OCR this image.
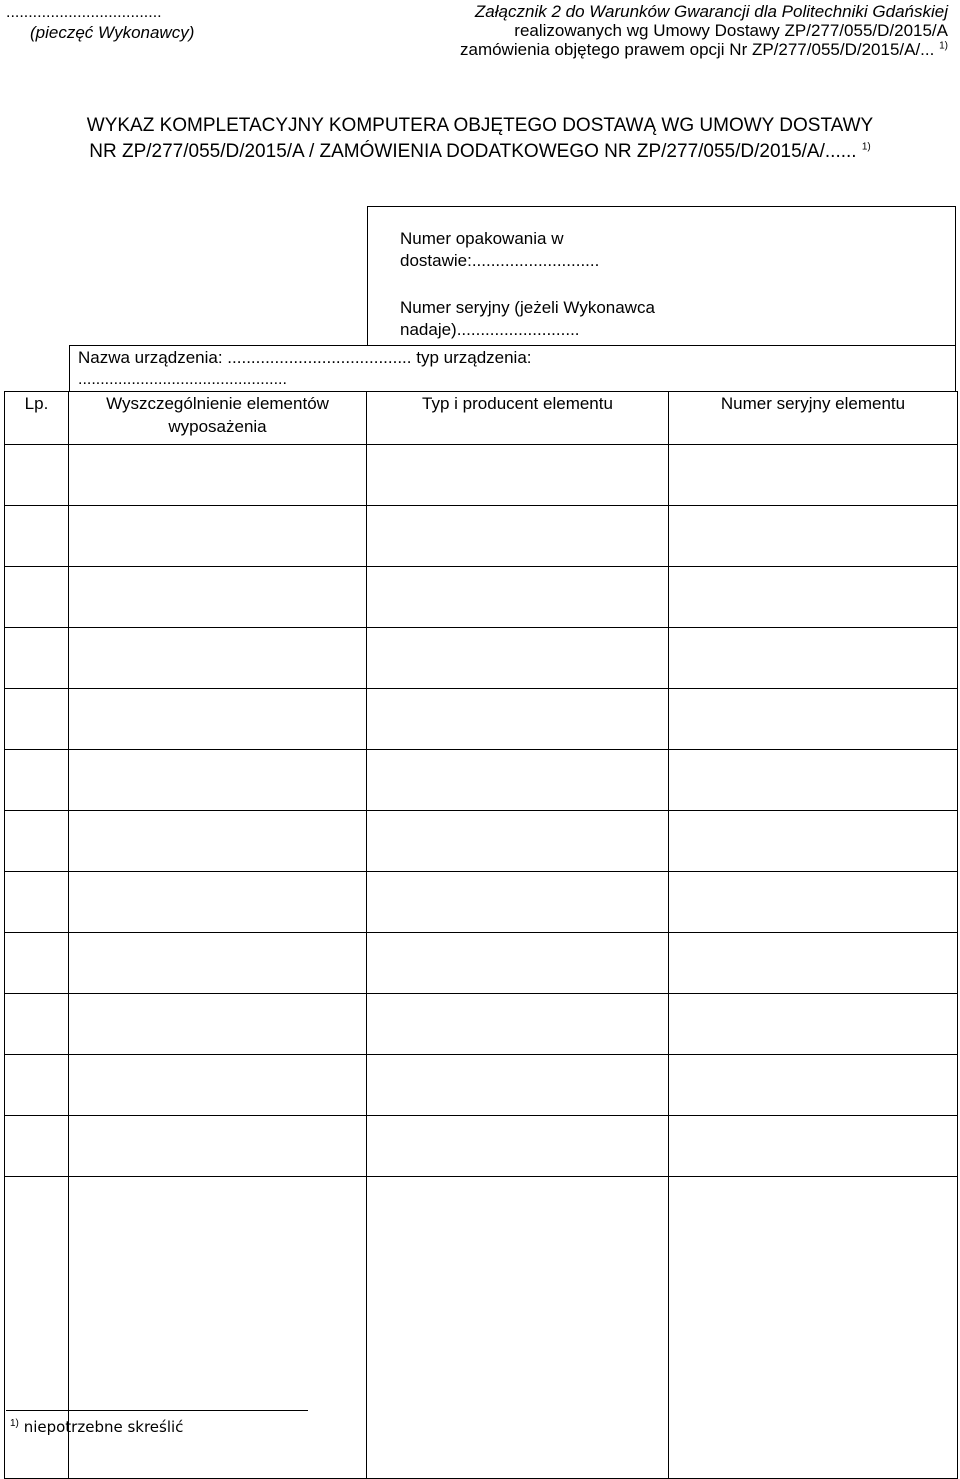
...................................
(pieczęć Wykonawcy)
Załącznik 2 do Warunków Gwarancji dla Politechniki Gdańskiej
realizowanych wg Umowy Dostawy ZP/277/055/D/2015/A
zamówienia objętego prawem opcji Nr ZP/277/055/D/2015/A/... $^{1)}$
WYKAZ KOMPLETACYJNY KOMPUTERA OBJĘTEGO DOSTAWĄ WG UMOWY DOSTAWY
NR ZP/277/055/D/2015/A / ZAMÓWIENIA DODATKOWEGO NR ZP/277/055/D/2015/A/...... $^{1)}$
Numer opakowania w dostawie:...........................
Numer seryjny (jeżeli Wykonawca nadaje)..........................
Nazwa urządzenia: ....................................... typ urządzenia:
...............................................
Lp.	Wyszczególnienie elementów wyposażenia	Typ i producent elementu	Numer seryjny elementu

$^{1)}$ niepotrzebne skreślić
